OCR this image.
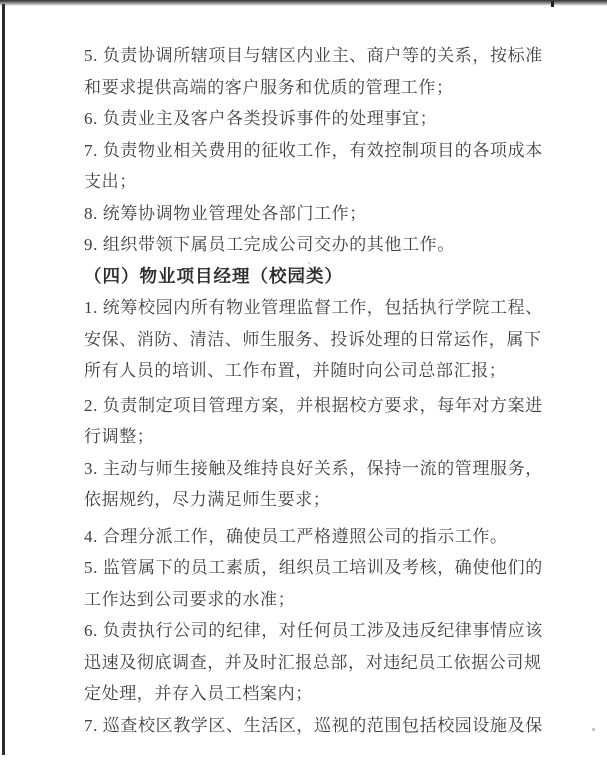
5. 负责协调所辖项目与辖区内业主、商户等的关系，按标准
和要求提供高端的客户服务和优质的管理工作；
6. 负责业主及客户各类投诉事件的处理事宜；
7. 负责物业相关费用的征收工作，有效控制项目的各项成本
支出；
8. 统筹协调物业管理处各部门工作；
9. 组织带领下属员工完成公司交办的其他工作。
（四）物业项目经理（校园类）
1. 统筹校园内所有物业管理监督工作，包括执行学院工程、
安保、消防、清洁、师生服务、投诉处理的日常运作，属下
所有人员的培训、工作布置，并随时向公司总部汇报；
2. 负责制定项目管理方案，并根据校方要求，每年对方案进
行调整；
3. 主动与师生接触及维持良好关系，保持一流的管理服务，
依据规约，尽力满足师生要求；
4. 合理分派工作，确使员工严格遵照公司的指示工作。
5. 监管属下的员工素质，组织员工培训及考核，确使他们的
工作达到公司要求的水准；
6. 负责执行公司的纪律，对任何员工涉及违反纪律事情应该
迅速及彻底调查，并及时汇报总部，对违纪员工依据公司规
定处理，并存入员工档案内；
7. 巡查校区教学区、生活区，巡视的范围包括校园设施及保
